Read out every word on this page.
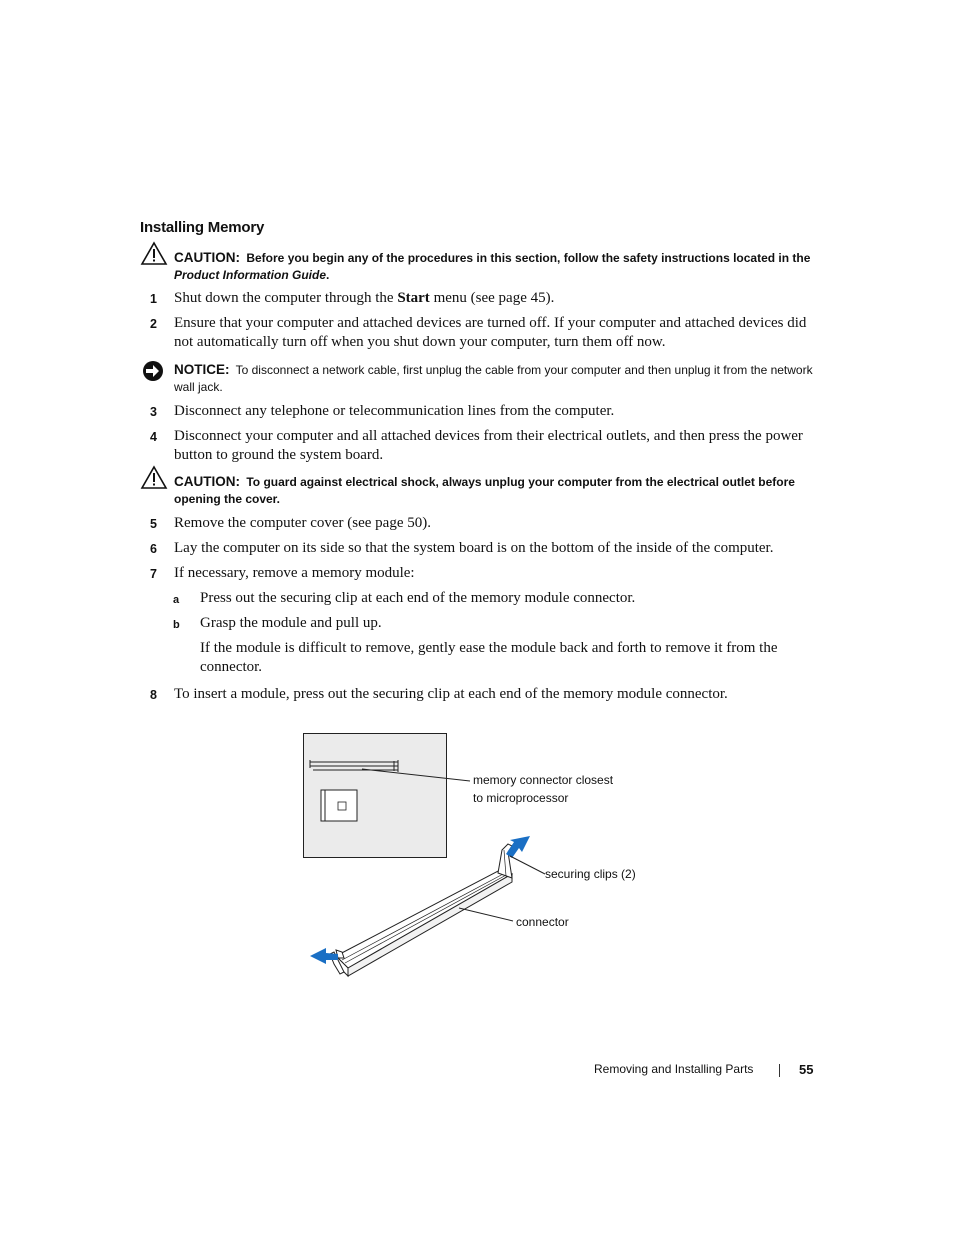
Installing Memory
CAUTION: Before you begin any of the procedures in this section, follow the safety instructions located in the Product Information Guide.
1 Shut down the computer through the Start menu (see page 45).
2 Ensure that your computer and attached devices are turned off. If your computer and attached devices did not automatically turn off when you shut down your computer, turn them off now.
NOTICE: To disconnect a network cable, first unplug the cable from your computer and then unplug it from the network wall jack.
3 Disconnect any telephone or telecommunication lines from the computer.
4 Disconnect your computer and all attached devices from their electrical outlets, and then press the power button to ground the system board.
CAUTION: To guard against electrical shock, always unplug your computer from the electrical outlet before opening the cover.
5 Remove the computer cover (see page 50).
6 Lay the computer on its side so that the system board is on the bottom of the inside of the computer.
7 If necessary, remove a memory module:
a Press out the securing clip at each end of the memory module connector.
b Grasp the module and pull up.
If the module is difficult to remove, gently ease the module back and forth to remove it from the connector.
8 To insert a module, press out the securing clip at each end of the memory module connector.
memory connector closest
to microprocessor
securing clips (2)
connector
Removing and Installing Parts	55
